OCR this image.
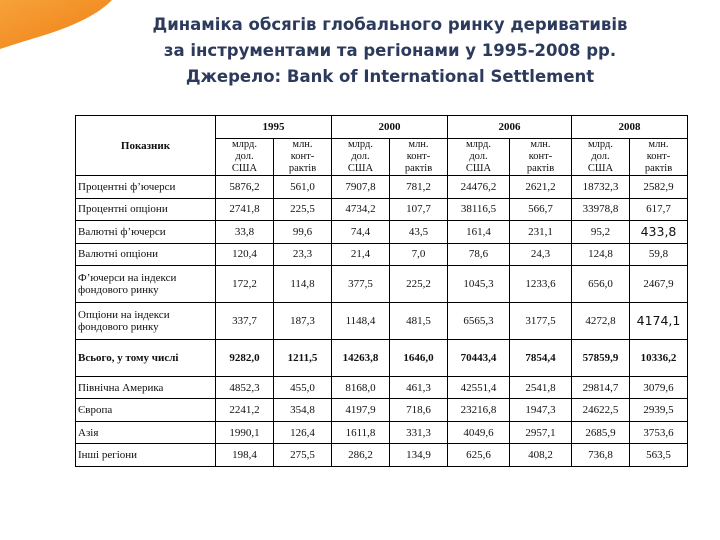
Динаміка обсягів глобального ринку деривативів
за інструментами та регіонами у 1995-2008 рр.
Джерело: Bank of International Settlement
Показник	1995		2000		2006		2008	
	млрд.
дол.
США	млн.
конт-
рактів	млрд.
дол.
США	млн.
конт-
рактів	млрд.
дол.
США	млн.
конт-
рактів	млрд.
дол.
США	млн.
конт-
рактів
Процентні ф’ючерси	5876,2	561,0	7907,8	781,2	24476,2	2621,2	18732,3	2582,9
Процентні опціони	2741,8	225,5	4734,2	107,7	38116,5	566,7	33978,8	617,7
Валютні ф’ючерси	33,8	99,6	74,4	43,5	161,4	231,1	95,2	433,8
Валютні опціони	120,4	23,3	21,4	7,0	78,6	24,3	124,8	59,8
Ф’ючерси на індекси фондового ринку	172,2	114,8	377,5	225,2	1045,3	1233,6	656,0	2467,9
Опціони на індекси фондового ринку	337,7	187,3	1148,4	481,5	6565,3	3177,5	4272,8	4174,1
Всього, у тому числі	9282,0	1211,5	14263,8	1646,0	70443,4	7854,4	57859,9	10336,2
Північна Америка	4852,3	455,0	8168,0	461,3	42551,4	2541,8	29814,7	3079,6
Європа	2241,2	354,8	4197,9	718,6	23216,8	1947,3	24622,5	2939,5
Азія	1990,1	126,4	1611,8	331,3	4049,6	2957,1	2685,9	3753,6
Інші регіони	198,4	275,5	286,2	134,9	625,6	408,2	736,8	563,5
